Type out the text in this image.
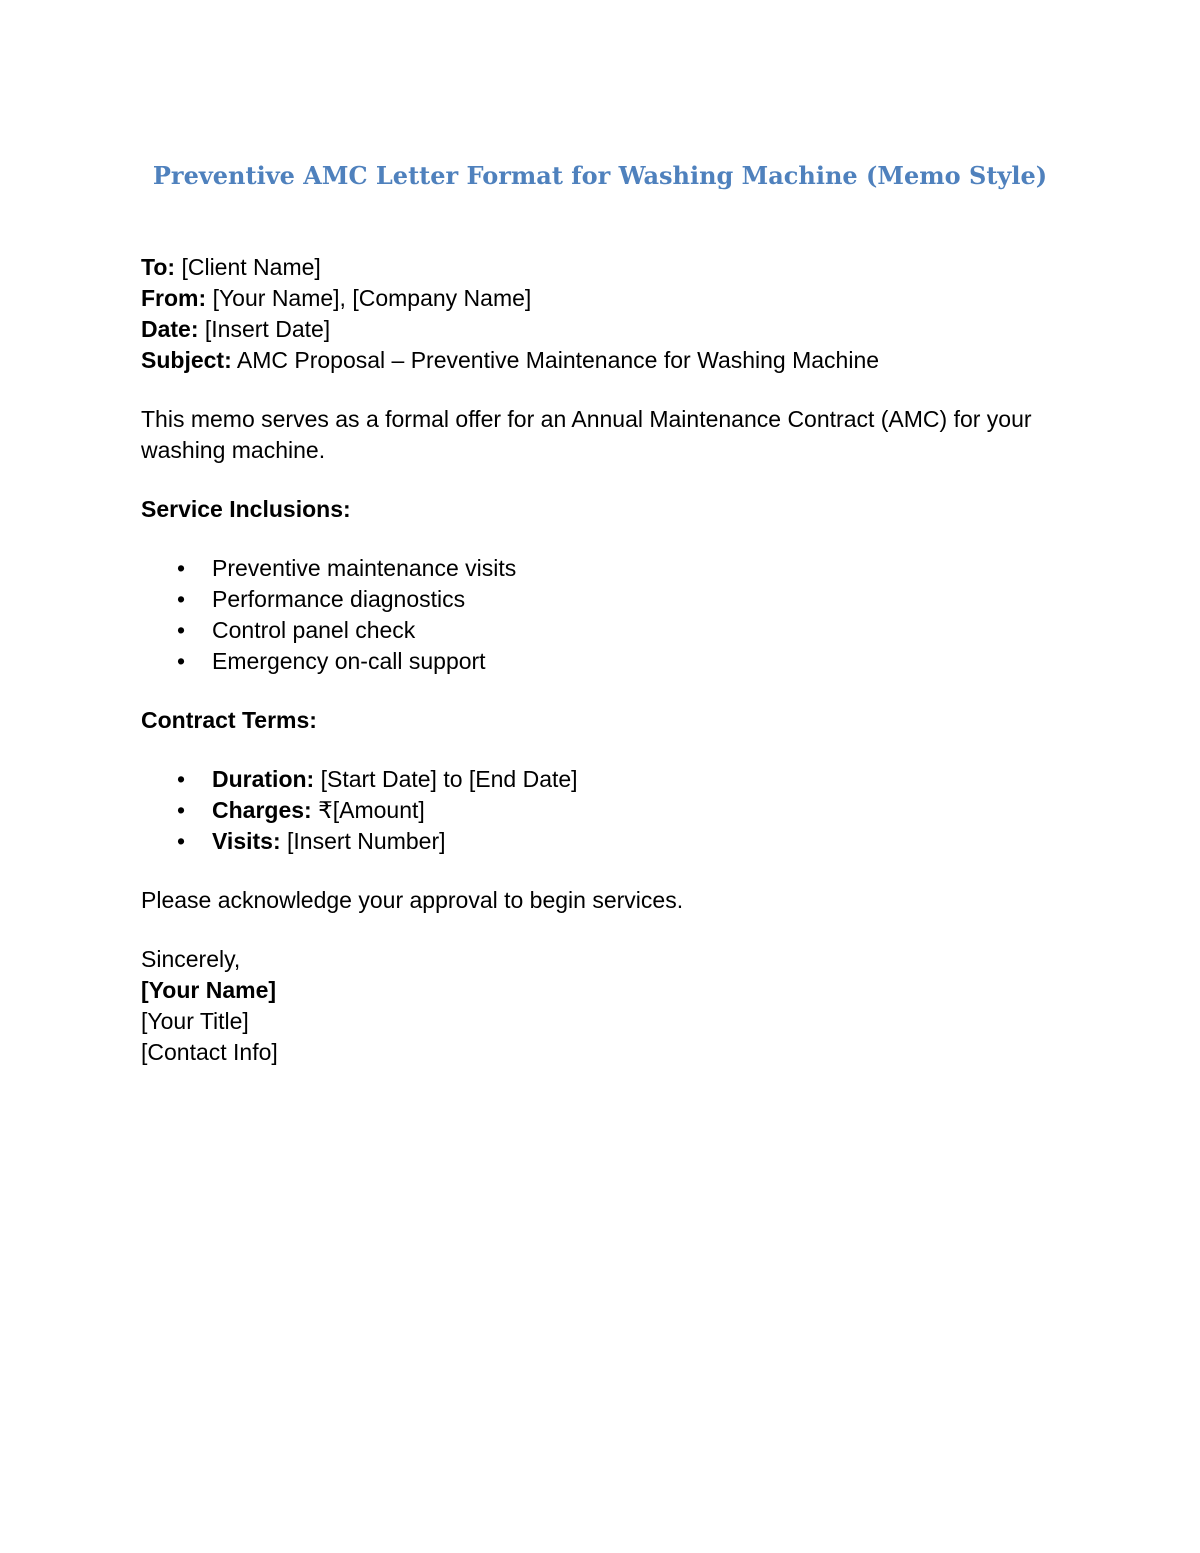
Preventive AMC Letter Format for Washing Machine (Memo Style)
To: [Client Name]
From: [Your Name], [Company Name]
Date: [Insert Date]
Subject: AMC Proposal – Preventive Maintenance for Washing Machine

This memo serves as a formal offer for an Annual Maintenance Contract (AMC) for your washing machine.

Service Inclusions:
• Preventive maintenance visits
• Performance diagnostics
• Control panel check
• Emergency on-call support
Contract Terms:
• Duration: [Start Date] to [End Date]
• Charges: ₹[Amount]
• Visits: [Insert Number]
Please acknowledge your approval to begin services.
Sincerely,
[Your Name]
[Your Title]
[Contact Info]
